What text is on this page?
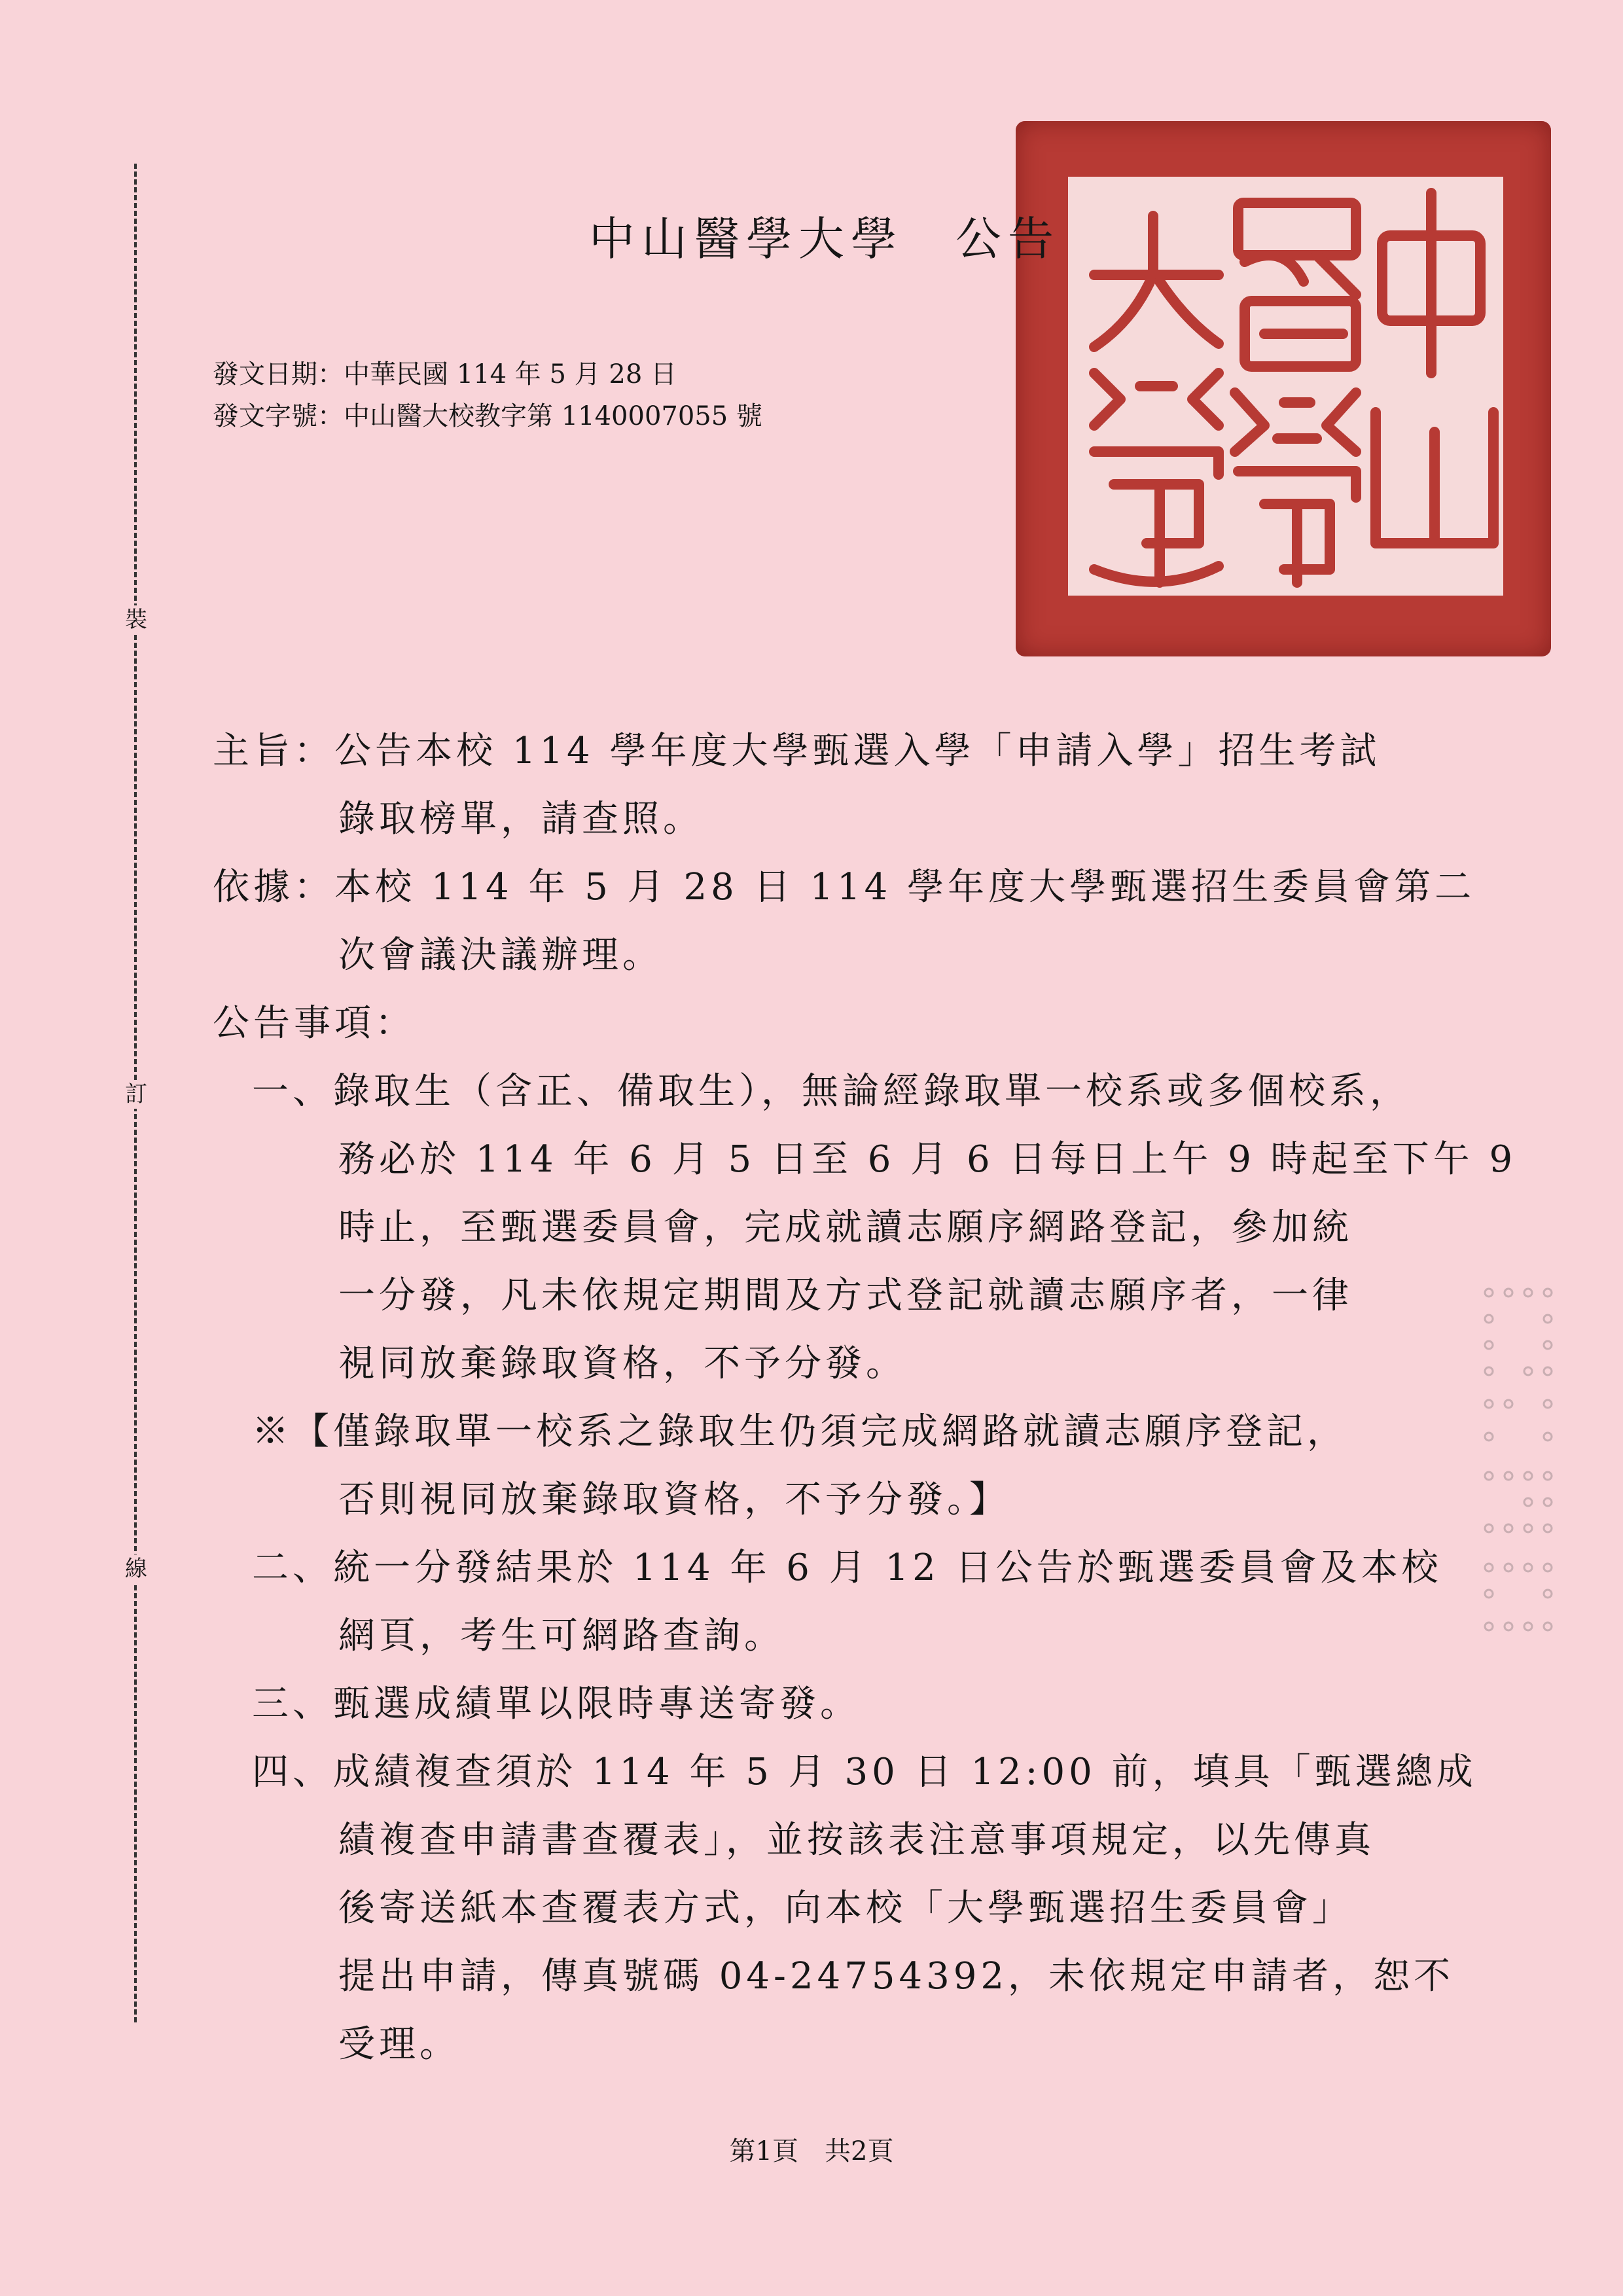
裝
訂
線
中山醫學大學　公告
發文日期：中華民國 114 年 5 月 28 日
發文字號：中山醫大校教字第 1140007055 號
主旨：公告本校 114 學年度大學甄選入學「申請入學」招生考試
錄取榜單，請查照。
依據：本校 114 年 5 月 28 日 114 學年度大學甄選招生委員會第二
次會議決議辦理。
公告事項：
一、錄取生（含正、備取生），無論經錄取單一校系或多個校系，
務必於 114 年 6 月 5 日至 6 月 6 日每日上午 9 時起至下午 9
時止，至甄選委員會，完成就讀志願序網路登記，參加統
一分發，凡未依規定期間及方式登記就讀志願序者，一律
視同放棄錄取資格，不予分發。
※【僅錄取單一校系之錄取生仍須完成網路就讀志願序登記，
否則視同放棄錄取資格，不予分發。】
二、統一分發結果於 114 年 6 月 12 日公告於甄選委員會及本校
網頁，考生可網路查詢。
三、甄選成績單以限時專送寄發。
四、成績複查須於 114 年 5 月 30 日 12:00 前，填具「甄選總成
績複查申請書查覆表」，並按該表注意事項規定，以先傳真
後寄送紙本查覆表方式，向本校「大學甄選招生委員會」
提出申請，傳真號碼 04-24754392，未依規定申請者，恕不
受理。
第1頁　共2頁
